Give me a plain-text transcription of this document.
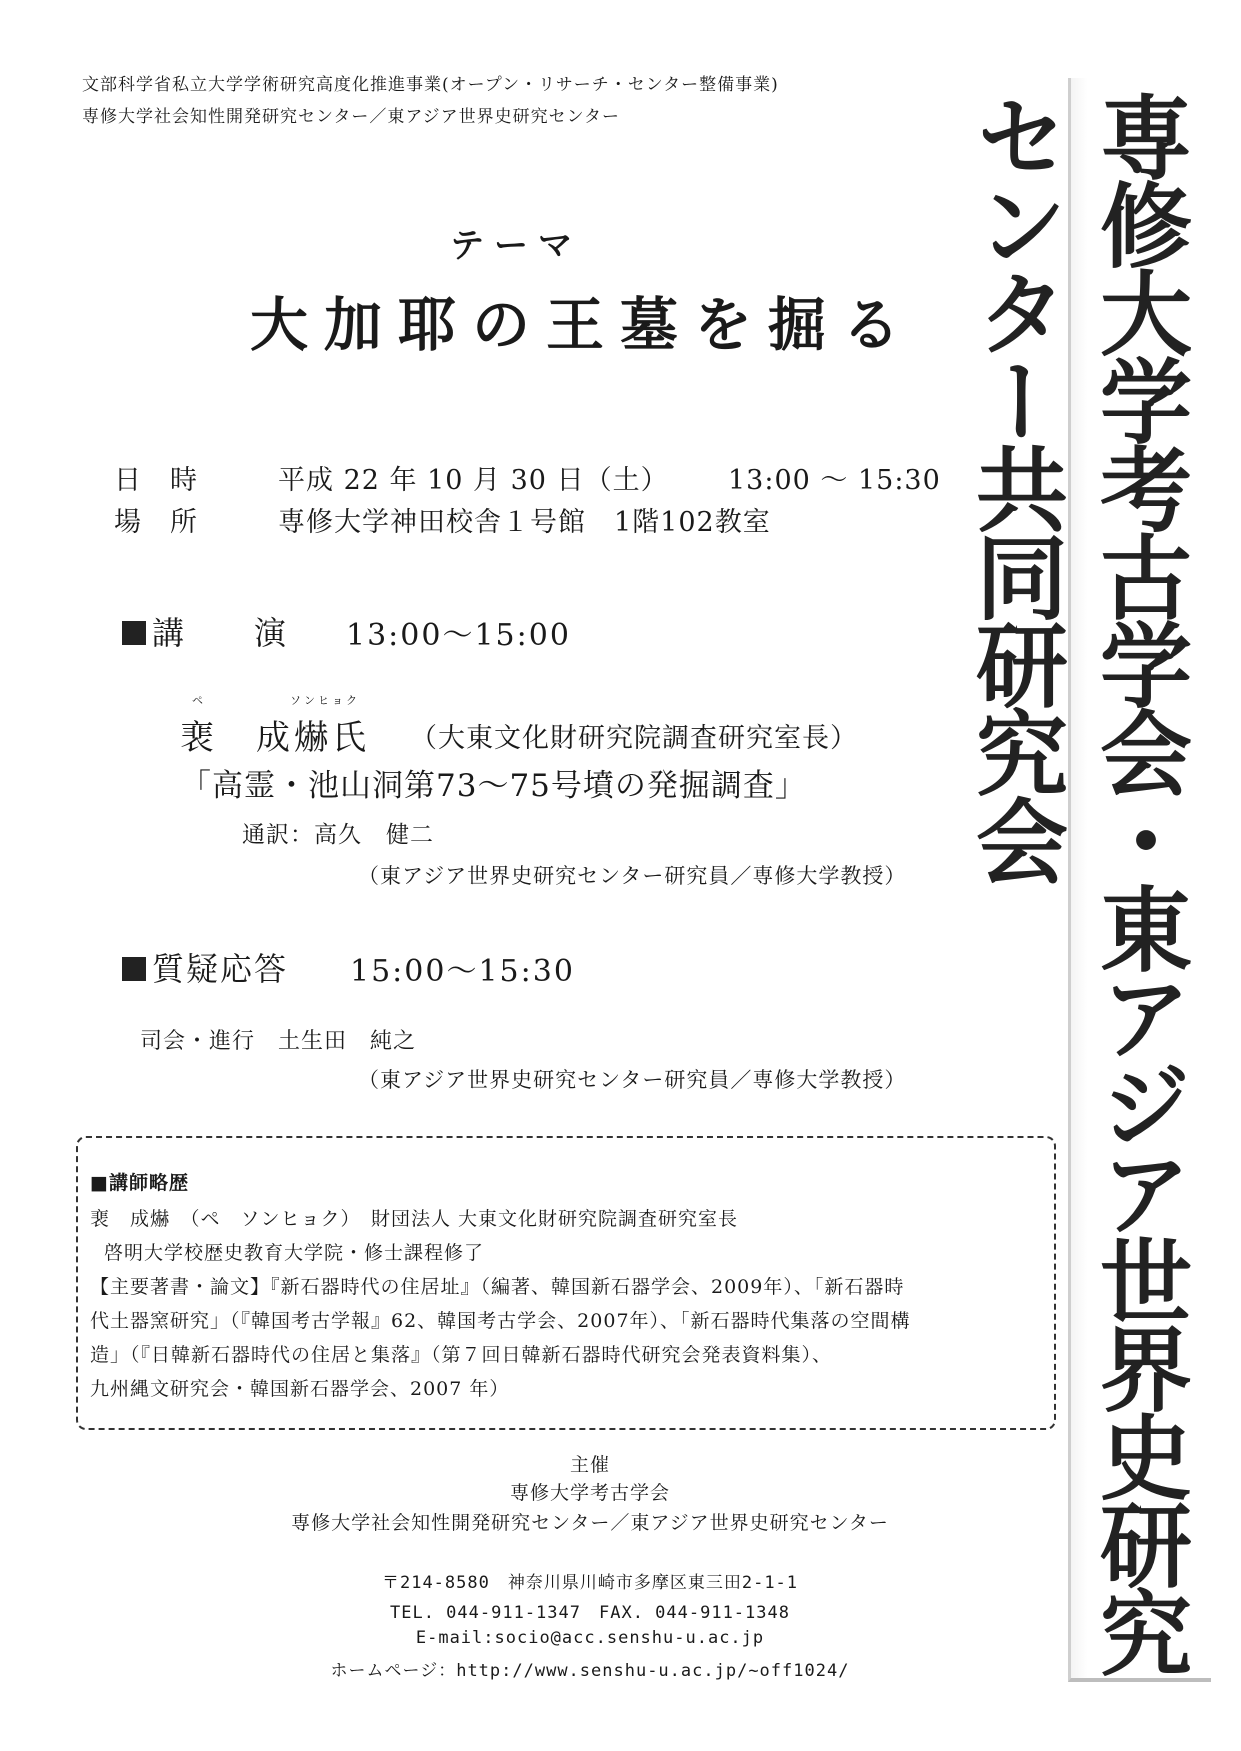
文部科学省私立大学学術研究高度化推進事業(オープン・リサーチ・センター整備事業)
専修大学社会知性開発研究センター／東アジア世界史研究センター	専修大学考古学会・東アジア世界史研究センター共同研究会
テーマ
大加耶の王墓を掘る
日　時	平成 22 年 10 月 30 日（土） 13:00 ～ 15:30
場　所	専修大学神田校舎１号館　1階102教室
講　　演 13:00～15:00
ペ	ソンヒョク
裵　成爀氏 （大東文化財研究院調査研究室長）
「高霊・池山洞第73～75号墳の発掘調査」
通訳：高久　健二
（東アジア世界史研究センター研究員／専修大学教授）
質疑応答 15:00～15:30
司会・進行　土生田　純之
（東アジア世界史研究センター研究員／専修大学教授）
■講師略歴
裵　成爀　（ペ　ソンヒョク）　財団法人 大東文化財研究院調査研究室長
啓明大学校歴史教育大学院・修士課程修了
【主要著書・論文】『新石器時代の住居址』（編著、韓国新石器学会、2009年）、「新石器時
代土器窯研究」（『韓国考古学報』62、韓国考古学会、2007年）、「新石器時代集落の空間構
造」（『日韓新石器時代の住居と集落』（第７回日韓新石器時代研究会発表資料集）、
九州縄文研究会・韓国新石器学会、2007 年）
主催
専修大学考古学会
専修大学社会知性開発研究センター／東アジア世界史研究センター
〒214-8580　神奈川県川崎市多摩区東三田2-1-1
TEL. 044-911-1347　FAX. 044-911-1348
E-mail:socio@acc.senshu-u.ac.jp
ホームページ：http://www.senshu-u.ac.jp/~off1024/
